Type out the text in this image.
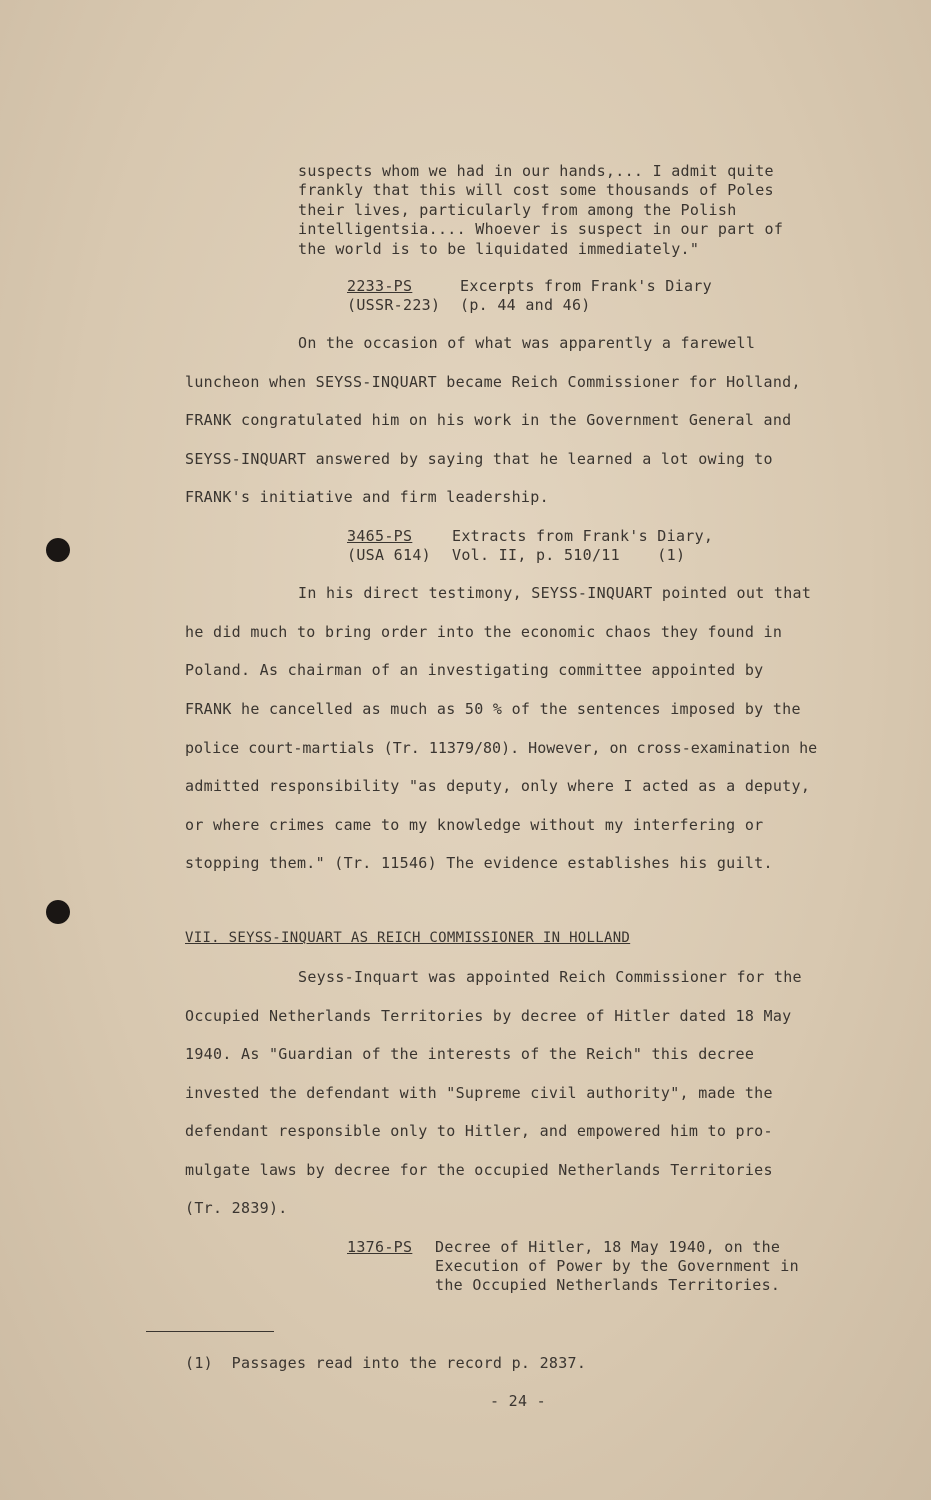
suspects whom we had in our hands,... I admit quite
frankly that this will cost some thousands of Poles
their lives, particularly from among the Polish
intelligentsia.... Whoever is suspect in our part of
the world is to be liquidated immediately."
2233-PS
(USSR-223)
Excerpts from Frank's Diary
(p. 44 and 46)
On the occasion of what was apparently a farewell
luncheon when SEYSS-INQUART became Reich Commissioner for Holland,
FRANK congratulated him on his work in the Government General and
SEYSS-INQUART answered by saying that he learned a lot owing to
FRANK's initiative and firm leadership.
3465-PS
(USA 614)
Extracts from Frank's Diary,
Vol. II, p. 510/11    (1)
In his direct testimony, SEYSS-INQUART pointed out that
he did much to bring order into the economic chaos they found in
Poland. As chairman of an investigating committee appointed by
FRANK he cancelled as much as 50 % of the sentences imposed by the
police court-martials (Tr. 11379/80). However, on cross-examination he
admitted responsibility "as deputy, only where I acted as a deputy,
or where crimes came to my knowledge without my interfering or
stopping them." (Tr. 11546) The evidence establishes his guilt.
VII. SEYSS-INQUART AS REICH COMMISSIONER IN HOLLAND
Seyss-Inquart was appointed Reich Commissioner for the
Occupied Netherlands Territories by decree of Hitler dated 18 May
1940. As "Guardian of the interests of the Reich" this decree
invested the defendant with "Supreme civil authority", made the
defendant responsible only to Hitler, and empowered him to pro-
mulgate laws by decree for the occupied Netherlands Territories
(Tr. 2839).
1376-PS Decree of Hitler, 18 May 1940, on the
Execution of Power by the Government in
the Occupied Netherlands Territories.
(1)  Passages read into the record p. 2837.
- 24 -
